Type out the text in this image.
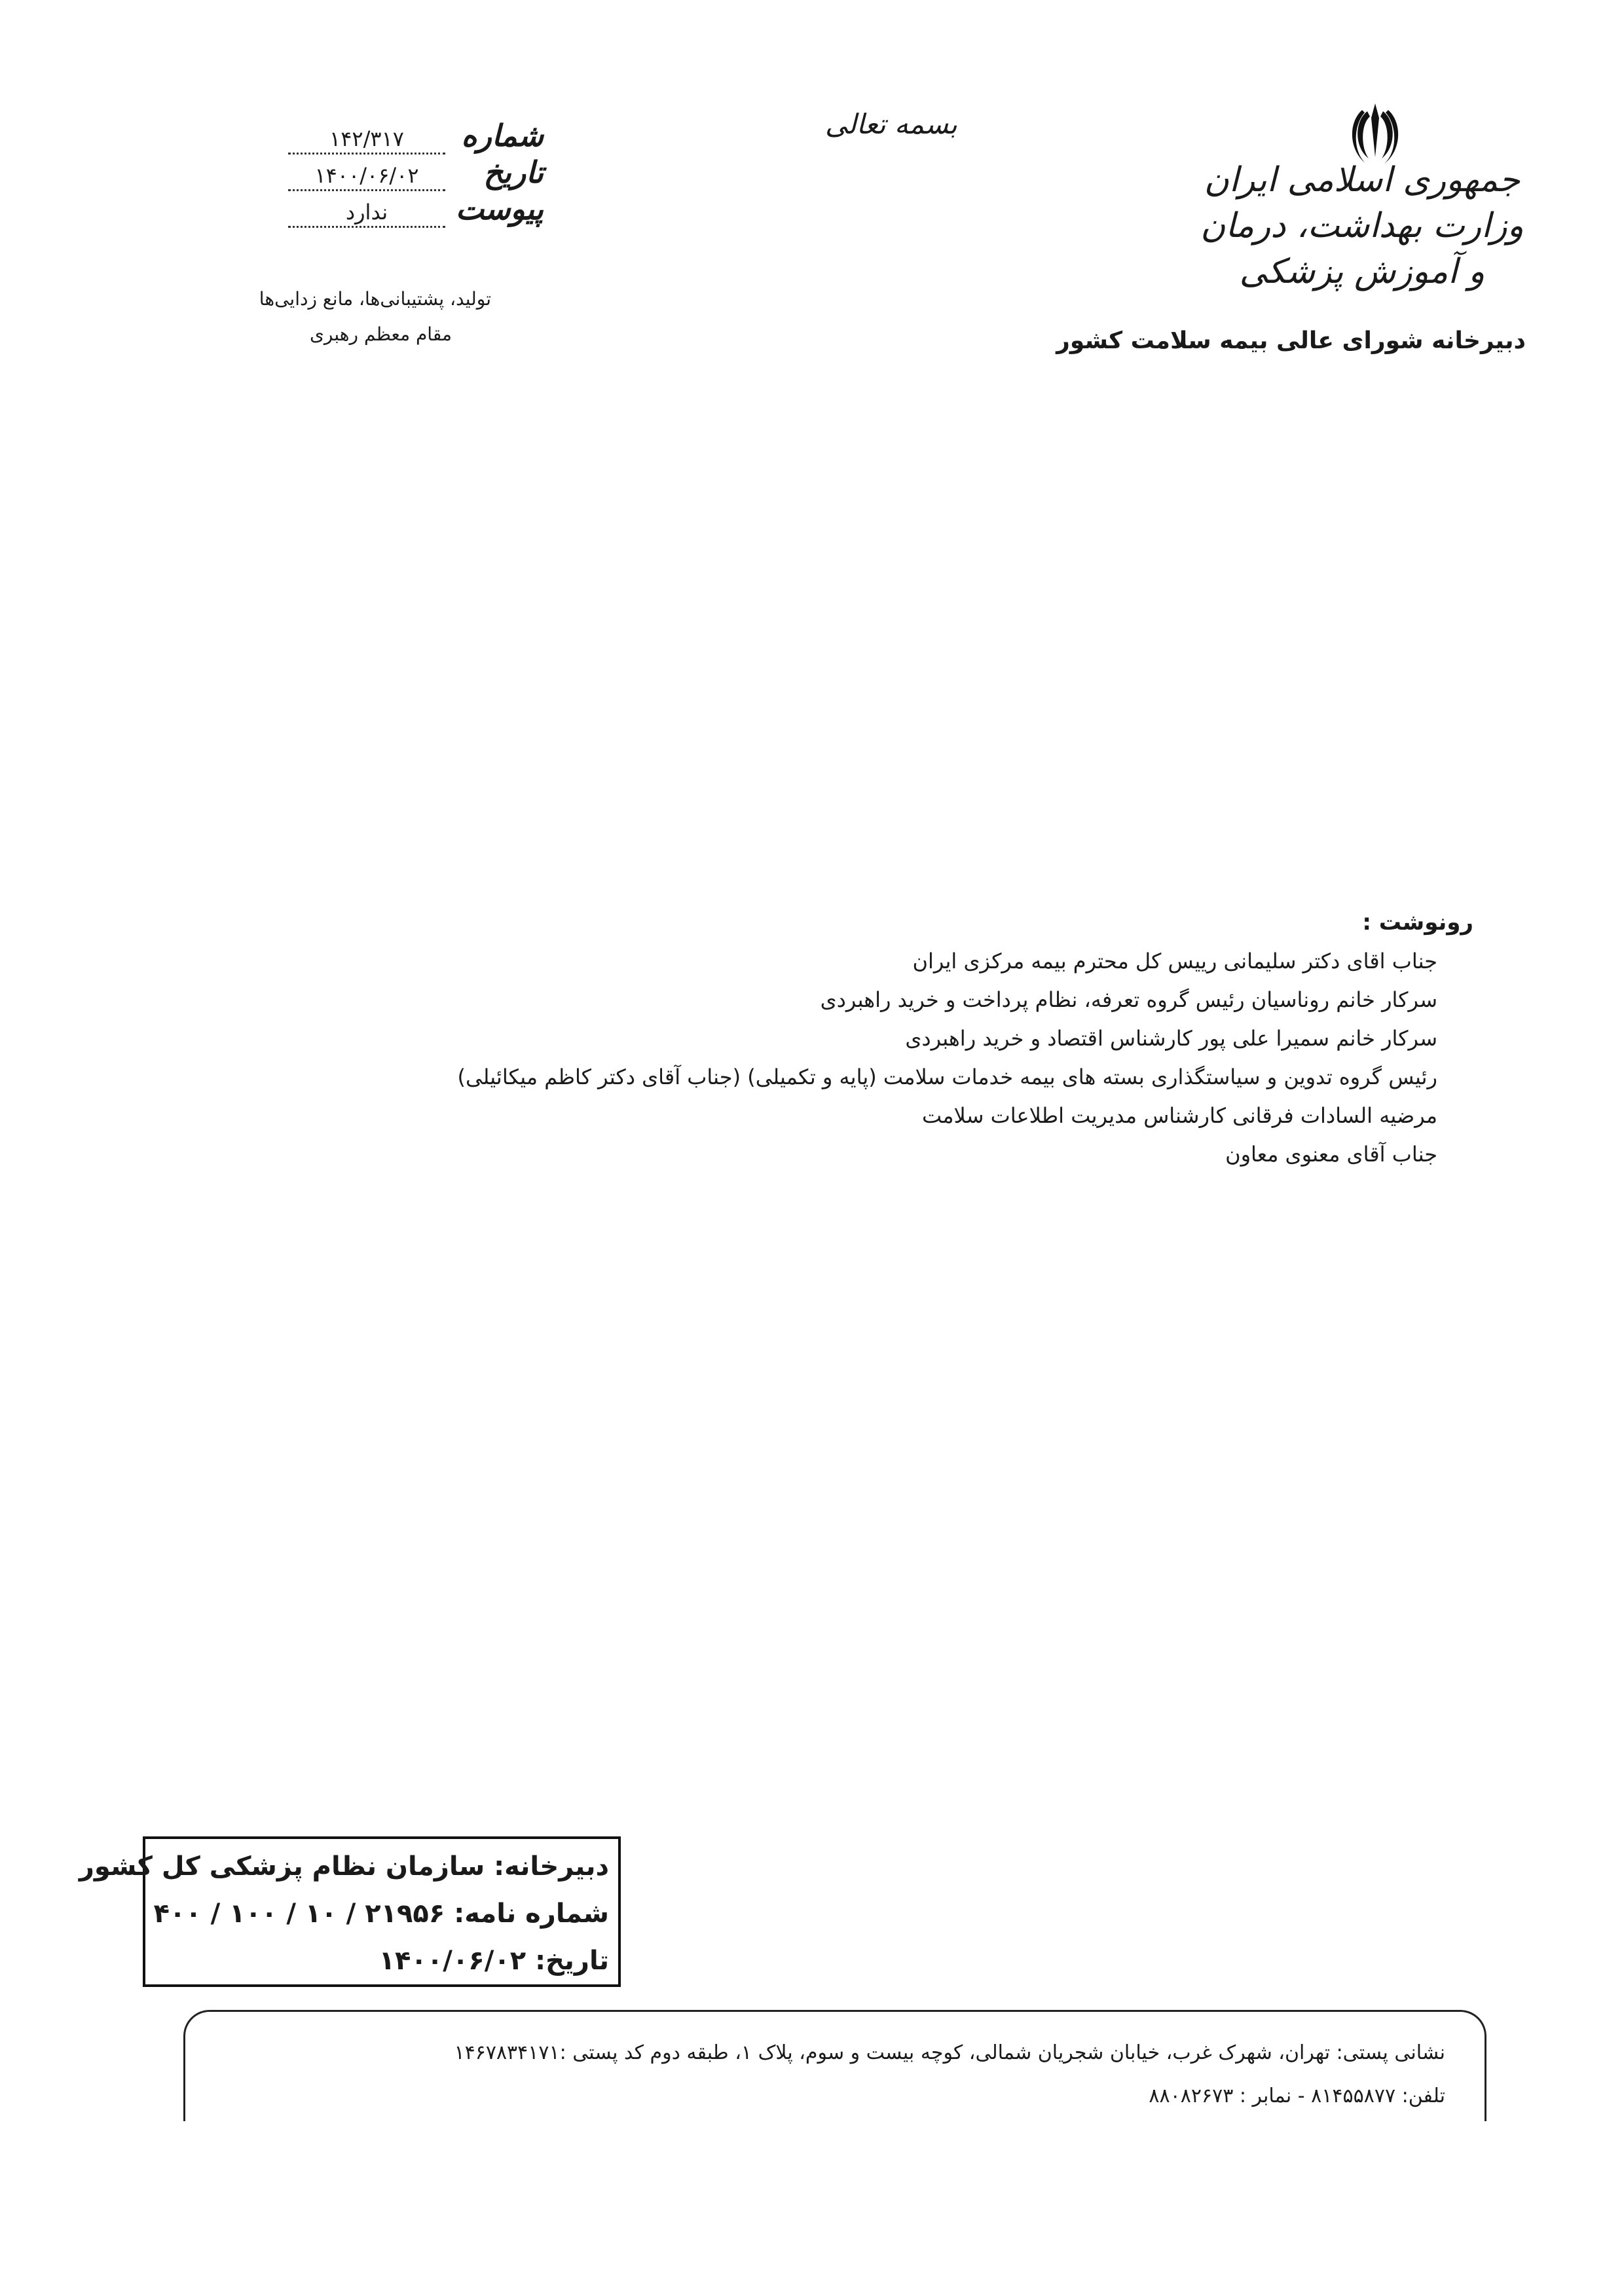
جمهوری اسلامی ایران
وزارت بهداشت، درمان و آموزش پزشکی
دبیرخانه شورای عالی بیمه سلامت کشور
بسمه تعالی
شماره
۱۴۲/۳۱۷
تاریخ
۱۴۰۰/۰۶/۰۲
پیوست
ندارد
تولید، پشتیبانی‌ها، مانع زدایی‌ها
مقام معظم رهبری
رونوشت :
جناب اقای دکتر سلیمانی رییس کل محترم بیمه مرکزی ایران
سرکار خانم روناسیان رئیس گروه تعرفه، نظام پرداخت و خرید راهبردی
سرکار خانم سمیرا علی پور کارشناس اقتصاد و خرید راهبردی
رئیس گروه تدوین و سیاستگذاری بسته های بیمه خدمات سلامت (پایه و تکمیلی) (جناب آقای دکتر کاظم میکائیلی)
مرضیه السادات فرقانی کارشناس مدیریت اطلاعات سلامت
جناب آقای معنوی معاون
دبیرخانه: سازمان نظام پزشکی کل کشور
شماره نامه: ۲۱۹۵۶ / ۱۰ / ۱۰۰ / ۴۰۰
تاریخ: ۱۴۰۰/۰۶/۰۲
نشانی پستی: تهران، شهرک غرب، خیابان شجریان شمالی، کوچه بیست و سوم، پلاک ۱، طبقه دوم کد پستی :۱۴۶۷۸۳۴۱۷۱
تلفن: ۸۱۴۵۵۸۷۷ - نمابر : ۸۸۰۸۲۶۷۳
